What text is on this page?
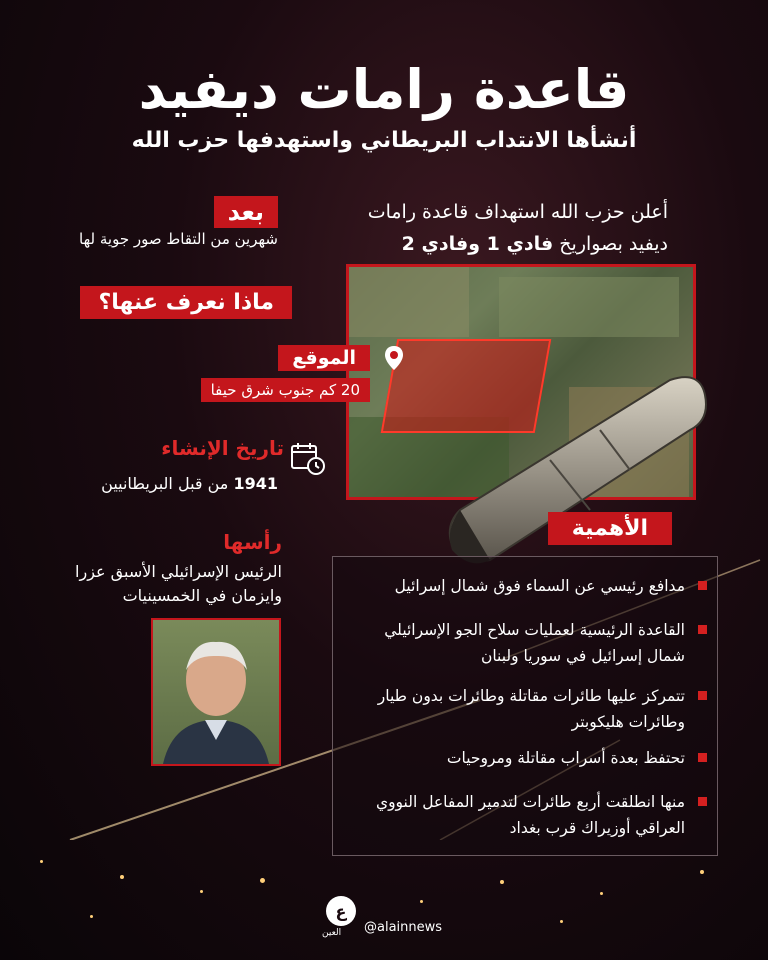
قاعدة رامات ديفيد
أنشأها الانتداب البريطاني واستهدفها حزب الله
بعد
شهرين من التقاط صور جوية لها
أعلن حزب الله استهداف قاعدة رامات
ديفيد بصواريخ فادي 1 وفادي 2
ماذا نعرف عنها؟
الموقع
20 كم جنوب شرق حيفا
تاريخ الإنشاء
1941 من قبل البريطانيين
الأهمية
رأسها
الرئيس الإسرائيلي الأسبق عزرا
وايزمان في الخمسينيات	مدافع رئيسي عن السماء فوق شمال إسرائيل
القاعدة الرئيسية لعمليات سلاح الجو الإسرائيلي شمال إسرائيل في سوريا ولبنان
تتمركز عليها طائرات مقاتلة وطائرات بدون طيار وطائرات هليكوبتر
تحتفظ بعدة أسراب مقاتلة ومروحيات
منها انطلقت أربع طائرات لتدمير المفاعل النووي العراقي أوزيراك قرب بغداد
ع
العين @alainnews
